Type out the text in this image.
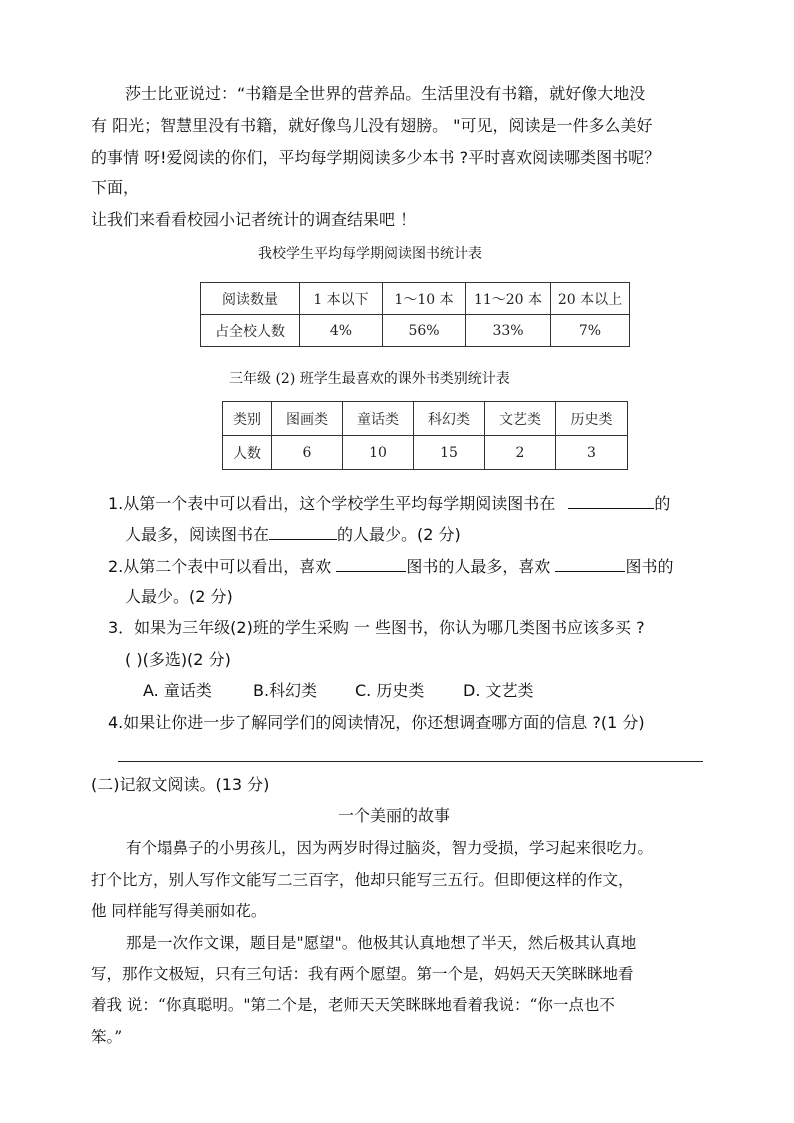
莎士比亚说过：“书籍是全世界的营养品。生活里没有书籍，就好像大地没
有 阳光；智慧里没有书籍，就好像鸟儿没有翅膀。 "可见，阅读是一件多么美好
的事情 呀!爱阅读的你们，平均每学期阅读多少本书 ?平时喜欢阅读哪类图书呢？
下面，
让我们来看看校园小记者统计的调查结果吧 ！
我校学生平均每学期阅读图书统计表
阅读数量	1 本以下	1～10 本	11～20 本	20 本以上
占全校人数	4%	56%	33%	7%
三年级 (2) 班学生最喜欢的课外书类别统计表
类别	图画类	童话类	科幻类	文艺类	历史类
人数	6	10	15	2	3
1.从第一个表中可以看出，这个学校学生平均每学期阅读图书在	的
人最多，阅读图书在	的人最少。(2 分)
2.从第二个表中可以看出，喜欢	图书的人最多，喜欢	图书的
人最少。(2 分)
3．如果为三年级(2)班的学生采购 一 些图书，你认为哪几类图书应该多买 ?
( )(多选)(2 分)
A. 童话类	B.科幻类 C. 历史类 D. 文艺类
4.如果让你进一步了解同学们的阅读情况，你还想调查哪方面的信息 ?(1 分)
(二)记叙文阅读。(13 分)
一个美丽的故事
有个塌鼻子的小男孩儿，因为两岁时得过脑炎，智力受损，学习起来很吃力。
打个比方，别人写作文能写二三百字，他却只能写三五行。但即便这样的作文，
他 同样能写得美丽如花。
那是一次作文课，题目是"愿望"。他极其认真地想了半天，然后极其认真地
写，那作文极短，只有三句话：我有两个愿望。第一个是，妈妈天天笑眯眯地看
着我 说：“你真聪明。"第二个是，老师天天笑眯眯地看着我说：“你一点也不
笨。”
